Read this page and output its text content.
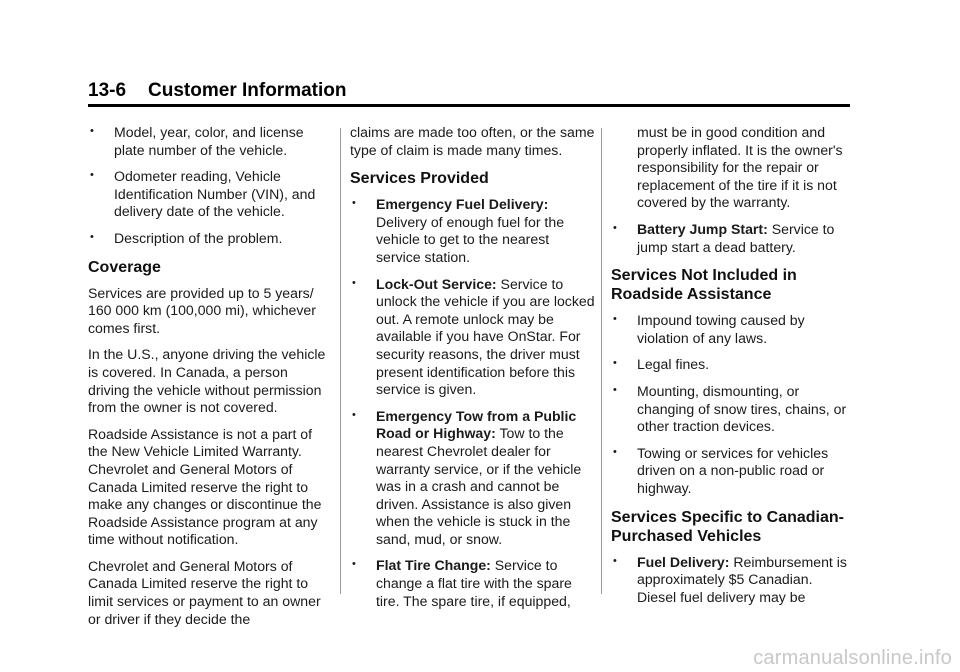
13-6 Customer Information
• Model, year, color, and license plate number of the vehicle.
• Odometer reading, Vehicle Identification Number (VIN), and delivery date of the vehicle.
• Description of the problem.
Coverage

Services are provided up to 5 years/ 160 000 km (100,000 mi), whichever comes first.

In the U.S., anyone driving the vehicle is covered. In Canada, a person driving the vehicle without permission from the owner is not covered.

Roadside Assistance is not a part of the New Vehicle Limited Warranty. Chevrolet and General Motors of Canada Limited reserve the right to make any changes or discontinue the Roadside Assistance program at any time without notification.

Chevrolet and General Motors of Canada Limited reserve the right to limit services or payment to an owner or driver if they decide the

claims are made too often, or the same type of claim is made many times.

Services Provided
• Emergency Fuel Delivery: Delivery of enough fuel for the vehicle to get to the nearest service station.
• Lock-Out Service: Service to unlock the vehicle if you are locked out. A remote unlock may be available if you have OnStar. For security reasons, the driver must present identification before this service is given.
• Emergency Tow from a Public Road or Highway: Tow to the nearest Chevrolet dealer for warranty service, or if the vehicle was in a crash and cannot be driven. Assistance is also given when the vehicle is stuck in the sand, mud, or snow.
• Flat Tire Change: Service to change a flat tire with the spare tire. The spare tire, if equipped,

must be in good condition and properly inflated. It is the owner's responsibility for the repair or replacement of the tire if it is not covered by the warranty.

• Battery Jump Start: Service to jump start a dead battery.
Services Not Included in Roadside Assistance
• Impound towing caused by violation of any laws.
• Legal fines.
• Mounting, dismounting, or changing of snow tires, chains, or other traction devices.
• Towing or services for vehicles driven on a non-public road or highway.
Services Specific to Canadian-Purchased Vehicles
• Fuel Delivery: Reimbursement is approximately $5 Canadian. Diesel fuel delivery may be
carmanualsonline.info
